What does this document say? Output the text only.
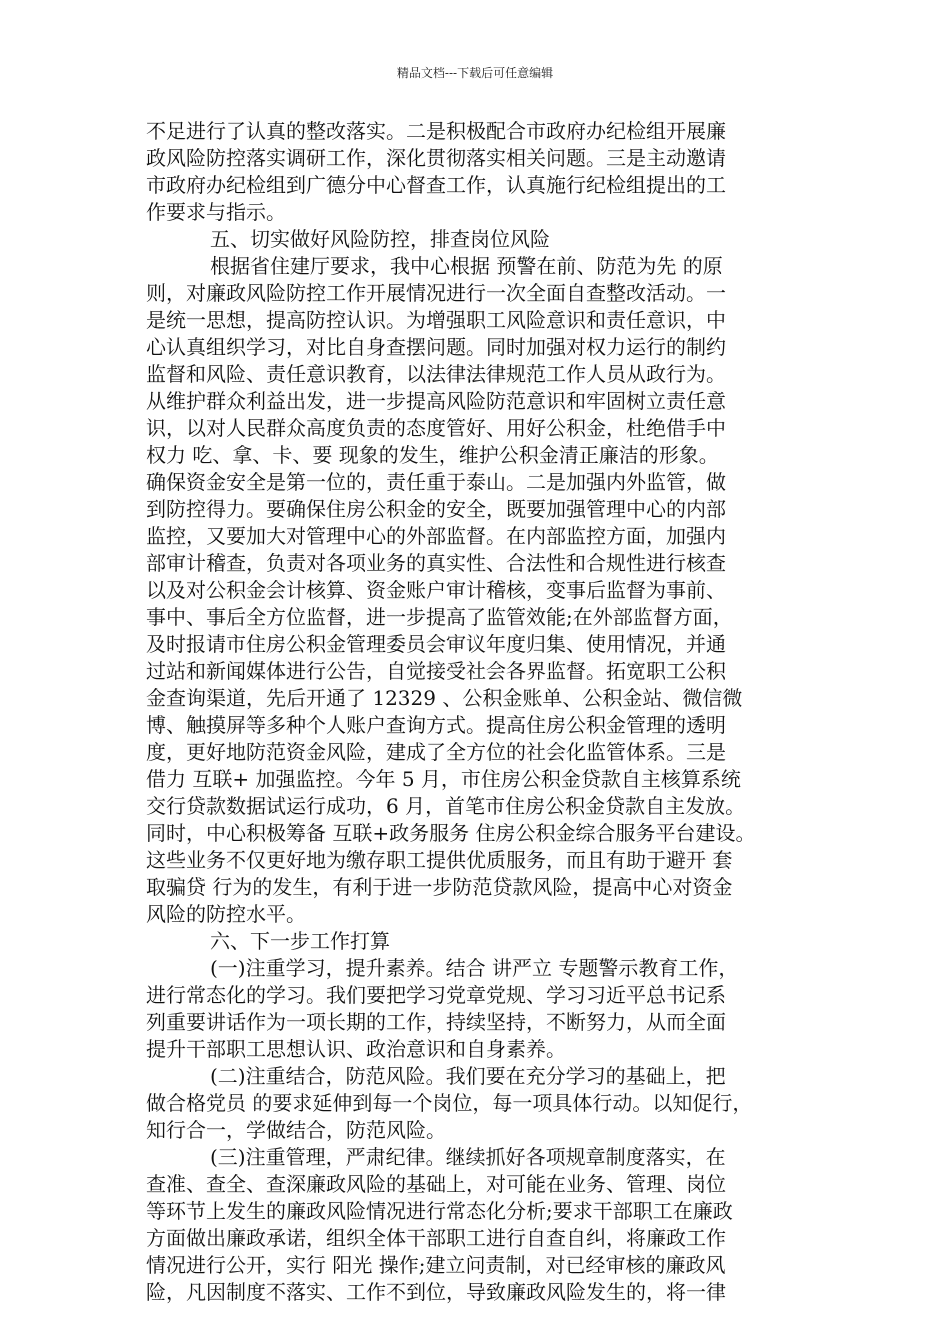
精品文档---下载后可任意编辑
不足进行了认真的整改落实。二是积极配合市政府办纪检组开展廉
政风险防控落实调研工作，深化贯彻落实相关问题。三是主动邀请
市政府办纪检组到广德分中心督查工作，认真施行纪检组提出的工
作要求与指示。
五、切实做好风险防控，排查岗位风险
根据省住建厅要求，我中心根据 预警在前、防范为先 的原
则，对廉政风险防控工作开展情况进行一次全面自查整改活动。一
是统一思想，提高防控认识。为增强职工风险意识和责任意识，中
心认真组织学习，对比自身查摆问题。同时加强对权力运行的制约
监督和风险、责任意识教育，以法律法律规范工作人员从政行为。
从维护群众利益出发，进一步提高风险防范意识和牢固树立责任意
识，以对人民群众高度负责的态度管好、用好公积金，杜绝借手中
权力 吃、拿、卡、要 现象的发生，维护公积金清正廉洁的形象。
确保资金安全是第一位的，责任重于泰山。二是加强内外监管，做
到防控得力。要确保住房公积金的安全，既要加强管理中心的内部
监控，又要加大对管理中心的外部监督。在内部监控方面，加强内
部审计稽查，负责对各项业务的真实性、合法性和合规性进行核查
以及对公积金会计核算、资金账户审计稽核，变事后监督为事前、
事中、事后全方位监督，进一步提高了监管效能;在外部监督方面，
及时报请市住房公积金管理委员会审议年度归集、使用情况，并通
过站和新闻媒体进行公告，自觉接受社会各界监督。拓宽职工公积
金查询渠道，先后开通了 12329 、公积金账单、公积金站、微信微
博、触摸屏等多种个人账户查询方式。提高住房公积金管理的透明
度，更好地防范资金风险，建成了全方位的社会化监管体系。三是
借力 互联+ 加强监控。今年 5 月，市住房公积金贷款自主核算系统
交行贷款数据试运行成功，6 月，首笔市住房公积金贷款自主发放。
同时，中心积极筹备 互联+政务服务 住房公积金综合服务平台建设。
这些业务不仅更好地为缴存职工提供优质服务，而且有助于避开 套
取骗贷 行为的发生，有利于进一步防范贷款风险，提高中心对资金
风险的防控水平。
六、下一步工作打算
(一)注重学习，提升素养。结合 讲严立 专题警示教育工作，
进行常态化的学习。我们要把学习党章党规、学习习近平总书记系
列重要讲话作为一项长期的工作，持续坚持，不断努力，从而全面
提升干部职工思想认识、政治意识和自身素养。
(二)注重结合，防范风险。我们要在充分学习的基础上，把
做合格党员 的要求延伸到每一个岗位，每一项具体行动。以知促行，
知行合一，学做结合，防范风险。
(三)注重管理，严肃纪律。继续抓好各项规章制度落实，在
查准、查全、查深廉政风险的基础上，对可能在业务、管理、岗位
等环节上发生的廉政风险情况进行常态化分析;要求干部职工在廉政
方面做出廉政承诺，组织全体干部职工进行自查自纠，将廉政工作
情况进行公开，实行 阳光 操作;建立问责制，对已经审核的廉政风
险，凡因制度不落实、工作不到位，导致廉政风险发生的，将一律
